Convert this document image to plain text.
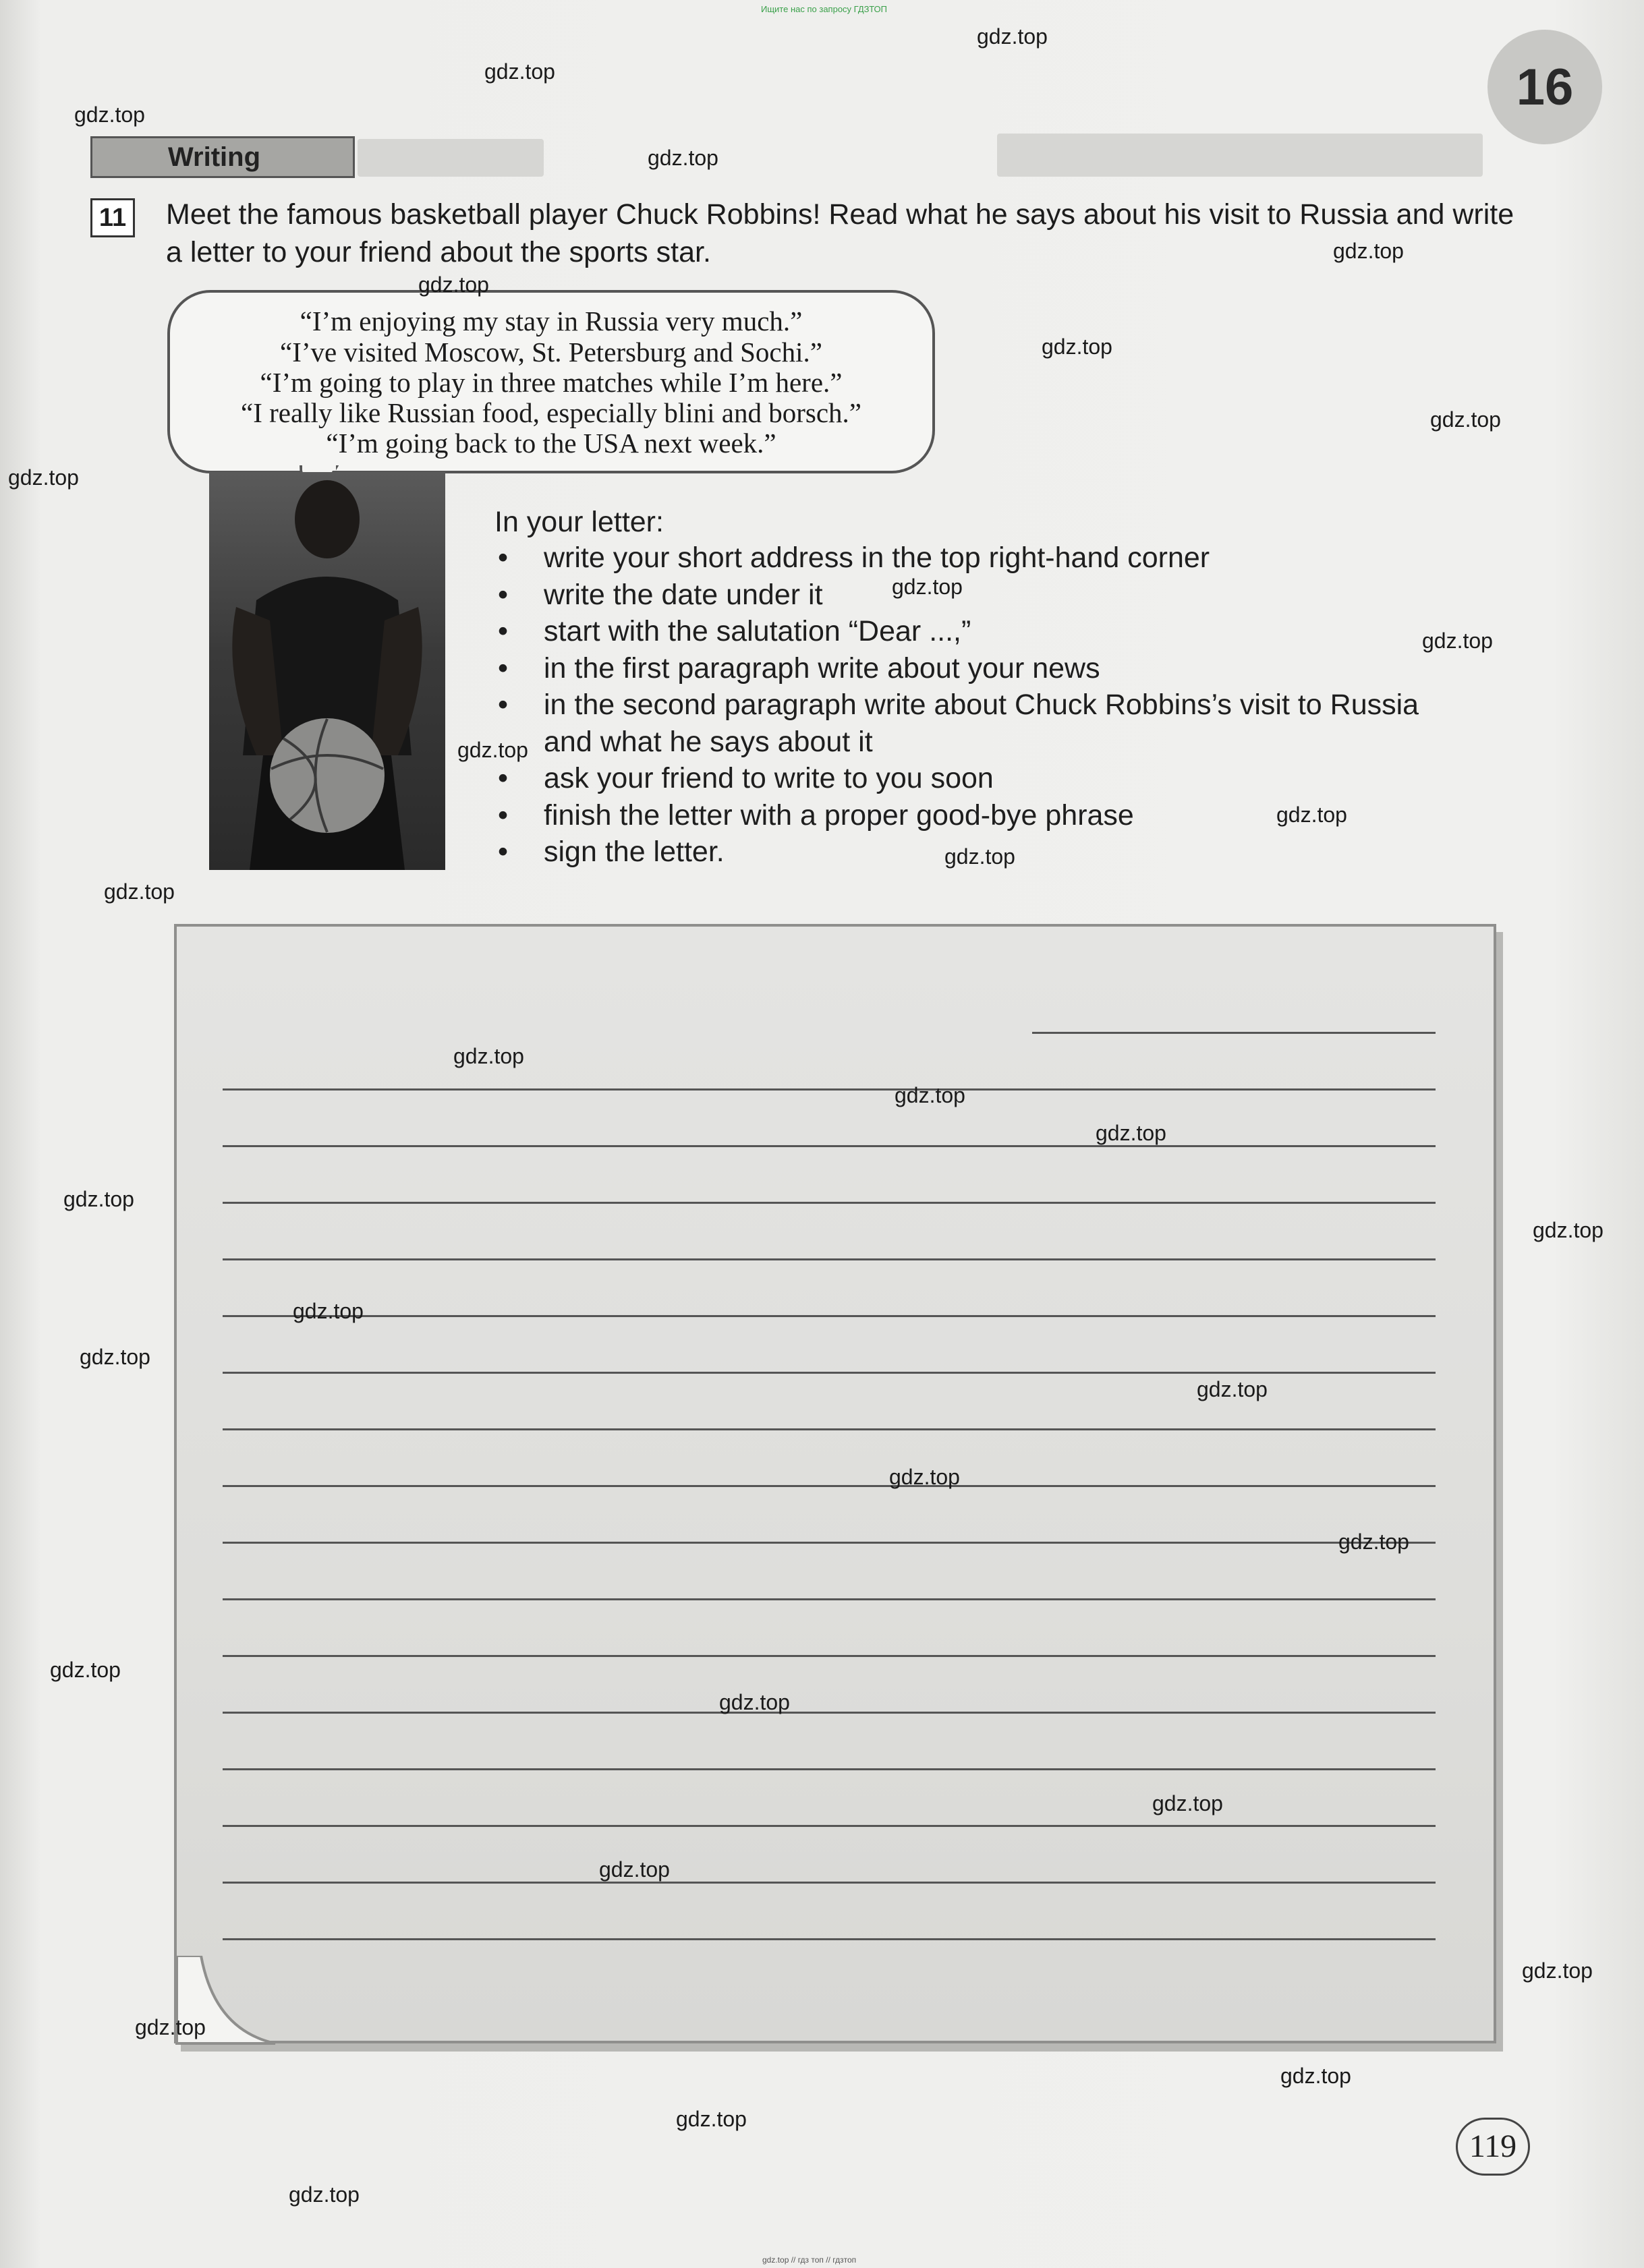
Ищите нас по запросу ГДЗТОП
16
Writing
11	Meet the famous basketball player Chuck Robbins! Read what he says about his visit to Russia and write a letter to your friend about the sports star.
“I’m enjoying my stay in Russia very much.”
“I’ve visited Moscow, St. Petersburg and Sochi.”
“I’m going to play in three matches while I’m here.”
“I really like Russian food, especially blini and borsch.”
“I’m going back to the USA next week.”
In your letter:
• write your short address in the top right-hand corner
• write the date under it
• start with the salutation “Dear ...,”
• in the first paragraph write about your news
• in the second paragraph write about Chuck Robbins’s visit to Russia
and what he says about it
• ask your friend to write to you soon
• finish the letter with a proper good-bye phrase
• sign the letter.
gdz.top
gdz.top
gdz.top
gdz.top
gdz.top
gdz.top
gdz.top
gdz.top
gdz.top
gdz.top
gdz.top
gdz.top
gdz.top
gdz.top
gdz.top
gdz.top
gdz.top
gdz.top
gdz.top
gdz.top
gdz.top
gdz.top
gdz.top
gdz.top
gdz.top
gdz.top
gdz.top
gdz.top
gdz.top
gdz.top
gdz.top
gdz.top
gdz.top
gdz.top
119
gdz.top // гдз топ // гдзтоп
